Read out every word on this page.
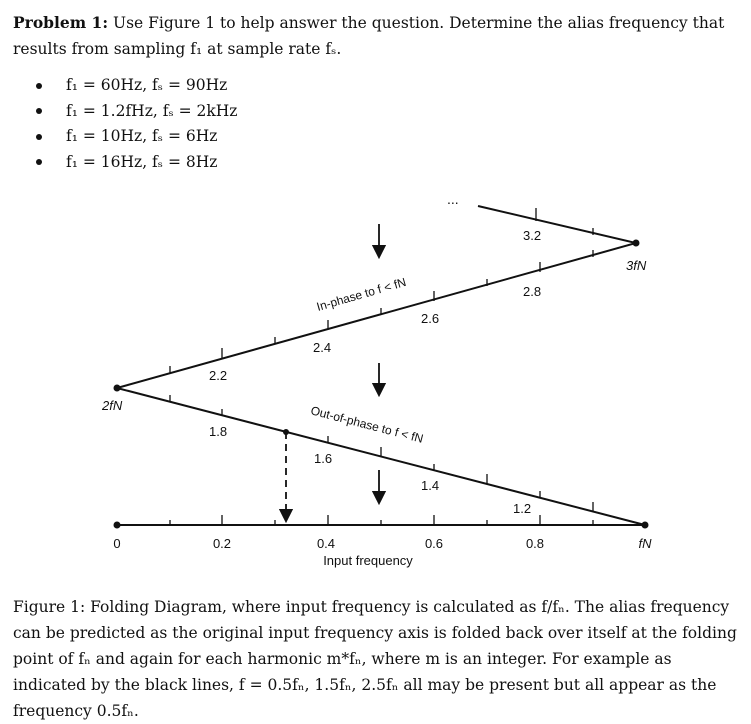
Problem 1: Use Figure 1 to help answer the question. Determine the alias frequency that results from sampling f₁ at sample rate fₛ.
f₁ = 60Hz, fₛ = 90Hz
f₁ = 1.2fHz, fₛ = 2kHz
f₁ = 10Hz, fₛ = 6Hz
f₁ = 16Hz, fₛ = 8Hz
...
0	0.2	0.4	0.6	0.8	fN
Input frequency
1.2
1.4
1.6
1.8
2fN
2.2
2.4
2.6
2.8
3fN
3.2
In-phase to f < fN
Out-of-phase to f < fN
Figure 1: Folding Diagram, where input frequency is calculated as f/fₙ. The alias frequency can be predicted as the original input frequency axis is folded back over itself at the folding point of fₙ and again for each harmonic m*fₙ, where m is an integer. For example as indicated by the black lines, f = 0.5fₙ, 1.5fₙ, 2.5fₙ all may be present but all appear as the frequency 0.5fₙ.
